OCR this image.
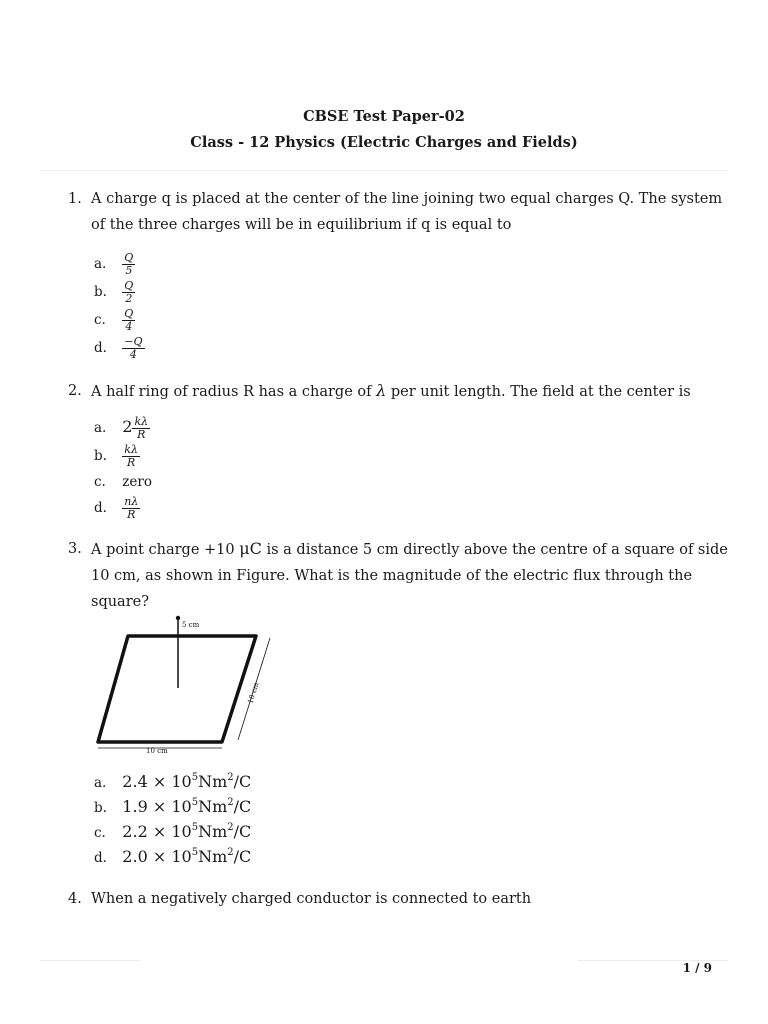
CBSE Test Paper-02
Class - 12 Physics (Electric Charges and Fields)
1. A charge q is placed at the center of the line joining two equal charges Q. The system of the three charges will be in equilibrium if q is equal to
a. $\frac{Q}{5}$
b. $\frac{Q}{2}$
c. $\frac{Q}{4}$
d. $\frac{-Q}{4}$
2. A half ring of radius R has a charge of λ per unit length. The field at the center is
a. $2 \frac{k\lambda}{R}$
b. $\frac{k\lambda}{R}$
c. zero
d. $\frac{n\lambda}{R}$
3. A point charge +10 μC is a distance 5 cm directly above the centre of a square of side 10 cm, as shown in Figure. What is the magnitude of the electric flux through the square?
5 cm
10 cm
10 cm
a. $2.4 \times 10^5Nm^2/C$
b. $1.9 \times 10^5Nm^2/C$
c. $2.2 \times 10^5Nm^2/C$
d. $2.0 \times 10^5Nm^2/C$
4. When a negatively charged conductor is connected to earth
1 / 9
